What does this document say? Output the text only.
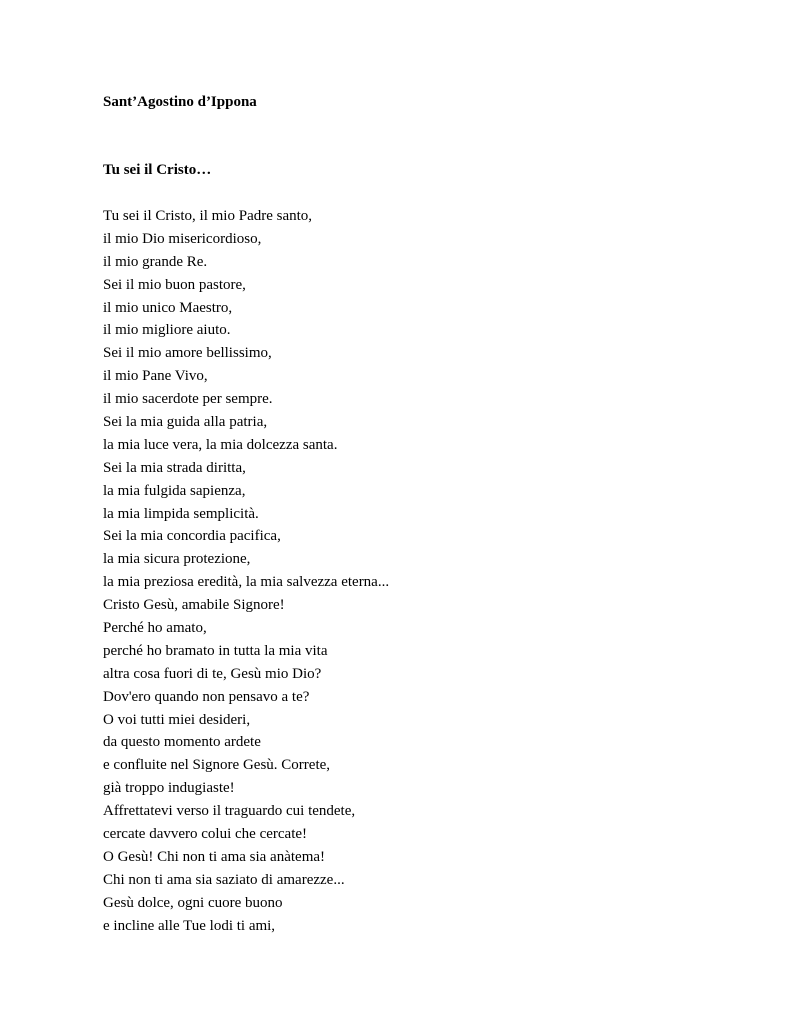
Sant’Agostino d’Ippona
Tu sei il Cristo…
Tu sei il Cristo, il mio Padre santo,
il mio Dio misericordioso,
il mio grande Re.
Sei il mio buon pastore,
il mio unico Maestro,
il mio migliore aiuto.
Sei il mio amore bellissimo,
il mio Pane Vivo,
il mio sacerdote per sempre.
Sei la mia guida alla patria,
la mia luce vera, la mia dolcezza santa.
Sei la mia strada diritta,
la mia fulgida sapienza,
la mia limpida semplicità.
Sei la mia concordia pacifica,
la mia sicura protezione,
la mia preziosa eredità, la mia salvezza eterna...
Cristo Gesù, amabile Signore!
Perché ho amato,
perché ho bramato in tutta la mia vita
altra cosa fuori di te, Gesù mio Dio?
Dov'ero quando non pensavo a te?
O voi tutti miei desideri,
da questo momento ardete
e confluite nel Signore Gesù. Correte,
già troppo indugiaste!
Affrettatevi verso il traguardo cui tendete,
cercate davvero colui che cercate!
O Gesù! Chi non ti ama sia anàtema!
Chi non ti ama sia saziato di amarezze...
Gesù dolce, ogni cuore buono
e incline alle Tue lodi ti ami,
